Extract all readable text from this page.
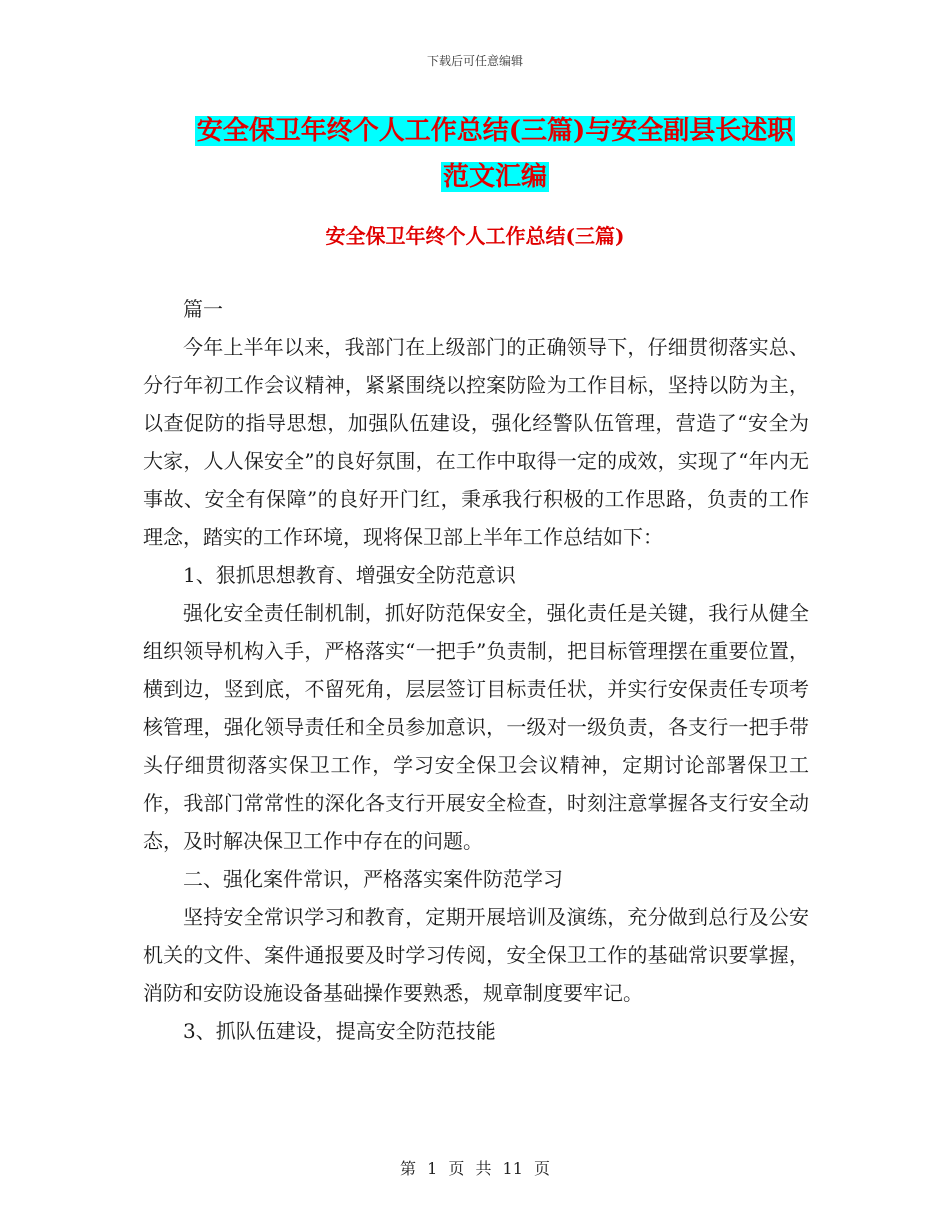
下载后可任意编辑
安全保卫年终个人工作总结(三篇)与安全副县长述职
范文汇编
安全保卫年终个人工作总结(三篇)

篇一

今年上半年以来，我部门在上级部门的正确领导下，仔细贯彻落实总、分行年初工作会议精神，紧紧围绕以控案防险为工作目标，坚持以防为主，以查促防的指导思想，加强队伍建设，强化经警队伍管理，营造了“安全为大家，人人保安全”的良好氛围，在工作中取得一定的成效，实现了“年内无事故、安全有保障”的良好开门红，秉承我行积极的工作思路，负责的工作理念，踏实的工作环境，现将保卫部上半年工作总结如下：

1、狠抓思想教育、增强安全防范意识

强化安全责任制机制，抓好防范保安全，强化责任是关键，我行从健全组织领导机构入手，严格落实“一把手”负责制，把目标管理摆在重要位置，横到边，竖到底，不留死角，层层签订目标责任状，并实行安保责任专项考核管理，强化领导责任和全员参加意识，一级对一级负责，各支行一把手带头仔细贯彻落实保卫工作，学习安全保卫会议精神，定期讨论部署保卫工作，我部门常常性的深化各支行开展安全检查，时刻注意掌握各支行安全动态，及时解决保卫工作中存在的问题。

二、强化案件常识，严格落实案件防范学习

坚持安全常识学习和教育，定期开展培训及演练，充分做到总行及公安机关的文件、案件通报要及时学习传阅，安全保卫工作的基础常识要掌握，消防和安防设施设备基础操作要熟悉，规章制度要牢记。

3、抓队伍建设，提高安全防范技能

第 1 页 共 11 页
